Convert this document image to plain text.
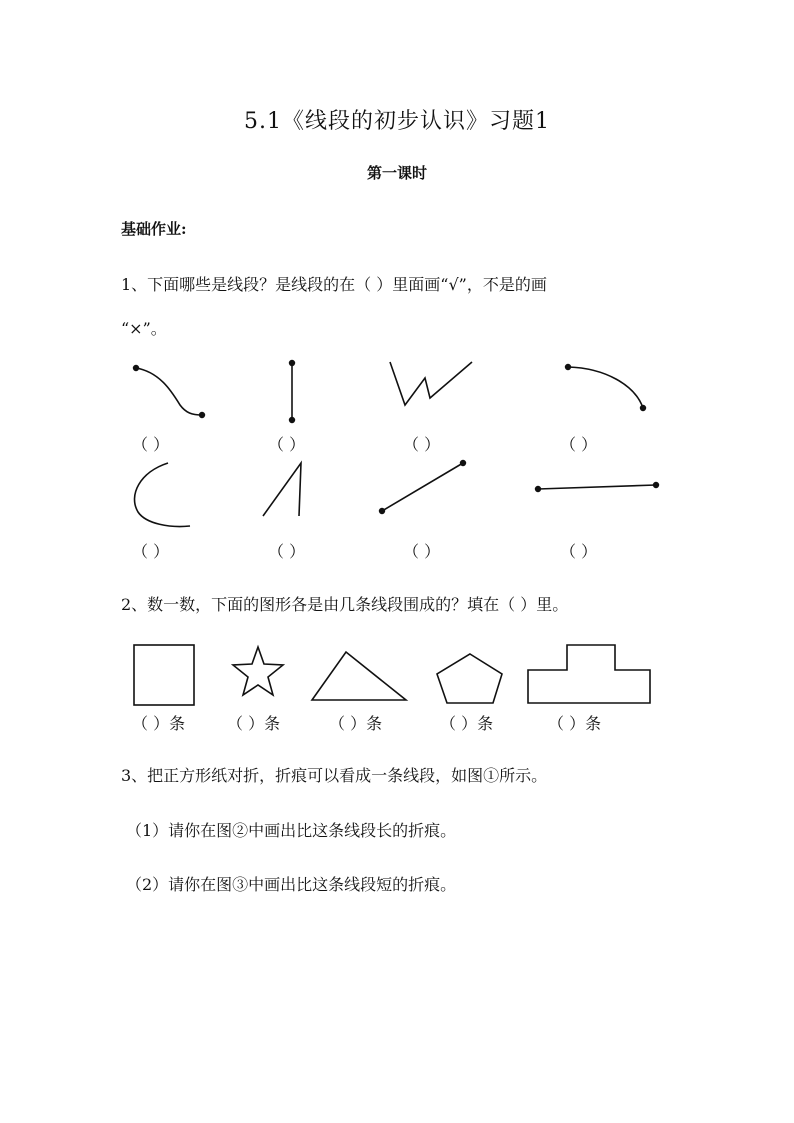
5.1《线段的初步认识》习题1
第一课时
基础作业:
1、下面哪些是线段？是线段的在（ ）里面画“√”，不是的画
“×”。
（ ）	（ ）	（ ）	（ ）
（ ）	（ ）	（ ）	（ ）
2、数一数，下面的图形各是由几条线段围成的？填在（ ）里。
（ ）条	（ ）条	（ ）条	（ ）条	（ ）条
3、把正方形纸对折，折痕可以看成一条线段，如图①所示。
（1）请你在图②中画出比这条线段长的折痕。
（2）请你在图③中画出比这条线段短的折痕。
